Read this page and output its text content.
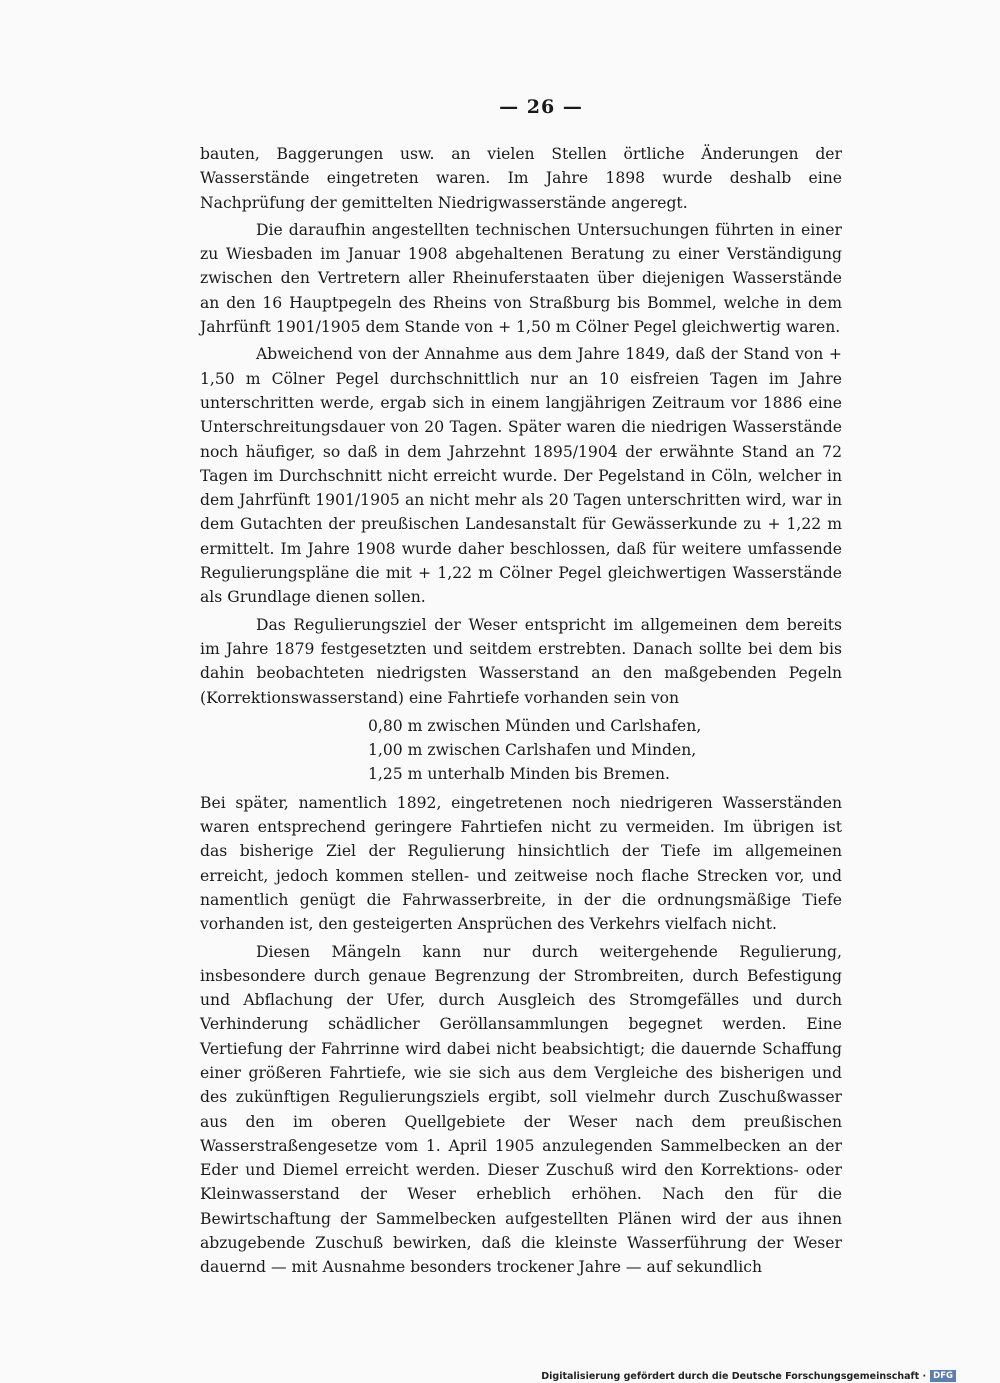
— 26 —

bauten, Baggerungen usw. an vielen Stellen örtliche Änderungen der Wasserstände eingetreten waren. Im Jahre 1898 wurde deshalb eine Nachprüfung der gemittelten Niedrigwasserstände angeregt.

Die daraufhin angestellten technischen Untersuchungen führten in einer zu Wiesbaden im Januar 1908 abgehaltenen Beratung zu einer Verständigung zwischen den Vertretern aller Rheinuferstaaten über diejenigen Wasserstände an den 16 Hauptpegeln des Rheins von Straßburg bis Bommel, welche in dem Jahrfünft 1901/1905 dem Stande von + 1,50 m Cölner Pegel gleichwertig waren.

Abweichend von der Annahme aus dem Jahre 1849, daß der Stand von + 1,50 m Cölner Pegel durchschnittlich nur an 10 eisfreien Tagen im Jahre unterschritten werde, ergab sich in einem langjährigen Zeitraum vor 1886 eine Unterschreitungsdauer von 20 Tagen. Später waren die niedrigen Wasserstände noch häufiger, so daß in dem Jahrzehnt 1895/1904 der erwähnte Stand an 72 Tagen im Durchschnitt nicht erreicht wurde. Der Pegelstand in Cöln, welcher in dem Jahrfünft 1901/1905 an nicht mehr als 20 Tagen unterschritten wird, war in dem Gutachten der preußischen Landesanstalt für Gewässerkunde zu + 1,22 m ermittelt. Im Jahre 1908 wurde daher beschlossen, daß für weitere umfassende Regulierungspläne die mit + 1,22 m Cölner Pegel gleichwertigen Wasserstände als Grundlage dienen sollen.

Das Regulierungsziel der Weser entspricht im allgemeinen dem bereits im Jahre 1879 festgesetzten und seitdem erstrebten. Danach sollte bei dem bis dahin beobachteten niedrigsten Wasserstand an den maßgebenden Pegeln (Korrektionswasserstand) eine Fahrtiefe vorhanden sein von

0,80 m zwischen Münden und Carlshafen,
1,00 m zwischen Carlshafen und Minden,
1,25 m unterhalb Minden bis Bremen.

Bei später, namentlich 1892, eingetretenen noch niedrigeren Wasserständen waren entsprechend geringere Fahrtiefen nicht zu vermeiden. Im übrigen ist das bisherige Ziel der Regulierung hinsichtlich der Tiefe im allgemeinen erreicht, jedoch kommen stellen- und zeitweise noch flache Strecken vor, und namentlich genügt die Fahrwasserbreite, in der die ordnungsmäßige Tiefe vorhanden ist, den gesteigerten Ansprüchen des Verkehrs vielfach nicht.

Diesen Mängeln kann nur durch weitergehende Regulierung, insbesondere durch genaue Begrenzung der Strombreiten, durch Befestigung und Abflachung der Ufer, durch Ausgleich des Stromgefälles und durch Verhinderung schädlicher Geröllansammlungen begegnet werden. Eine Vertiefung der Fahrrinne wird dabei nicht beabsichtigt; die dauernde Schaffung einer größeren Fahrtiefe, wie sie sich aus dem Vergleiche des bisherigen und des zukünftigen Regulierungsziels ergibt, soll vielmehr durch Zuschußwasser aus den im oberen Quellgebiete der Weser nach dem preußischen Wasserstraßengesetze vom 1. April 1905 anzulegenden Sammelbecken an der Eder und Diemel erreicht werden. Dieser Zuschuß wird den Korrektions- oder Kleinwasserstand der Weser erheblich erhöhen. Nach den für die Bewirtschaftung der Sammelbecken aufgestellten Plänen wird der aus ihnen abzugebende Zuschuß bewirken, daß die kleinste Wasserführung der Weser dauernd — mit Ausnahme besonders trockener Jahre — auf sekundlich

Digitalisierung gefördert durch die Deutsche Forschungsgemeinschaft · DFG
